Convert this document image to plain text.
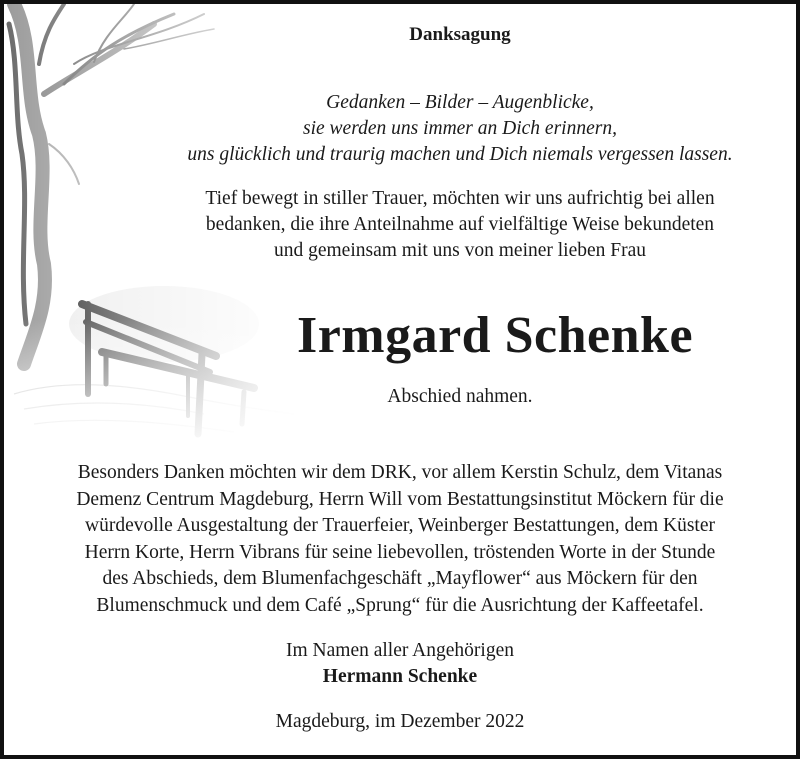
Danksagung

Gedanken – Bilder – Augenblicke,
sie werden uns immer an Dich erinnern,
uns glücklich und traurig machen und Dich niemals vergessen lassen.
Tief bewegt in stiller Trauer, möchten wir uns aufrichtig bei allen
bedanken, die ihre Anteilnahme auf vielfältige Weise bekundeten
und gemeinsam mit uns von meiner lieben Frau

Irmgard Schenke

Abschied nahmen.

Besonders Danken möchten wir dem DRK, vor allem Kerstin Schulz, dem Vitanas
Demenz Centrum Magdeburg, Herrn Will vom Bestattungsinstitut Möckern für die
würdevolle Ausgestaltung der Trauerfeier, Weinberger Bestattungen, dem Küster
Herrn Korte, Herrn Vibrans für seine liebevollen, tröstenden Worte in der Stunde
des Abschieds, dem Blumenfachgeschäft „Mayflower“ aus Möckern für den
Blumenschmuck und dem Café „Sprung“ für die Ausrichtung der Kaffeetafel.
Im Namen aller Angehörigen
Hermann Schenke

Magdeburg, im Dezember 2022
